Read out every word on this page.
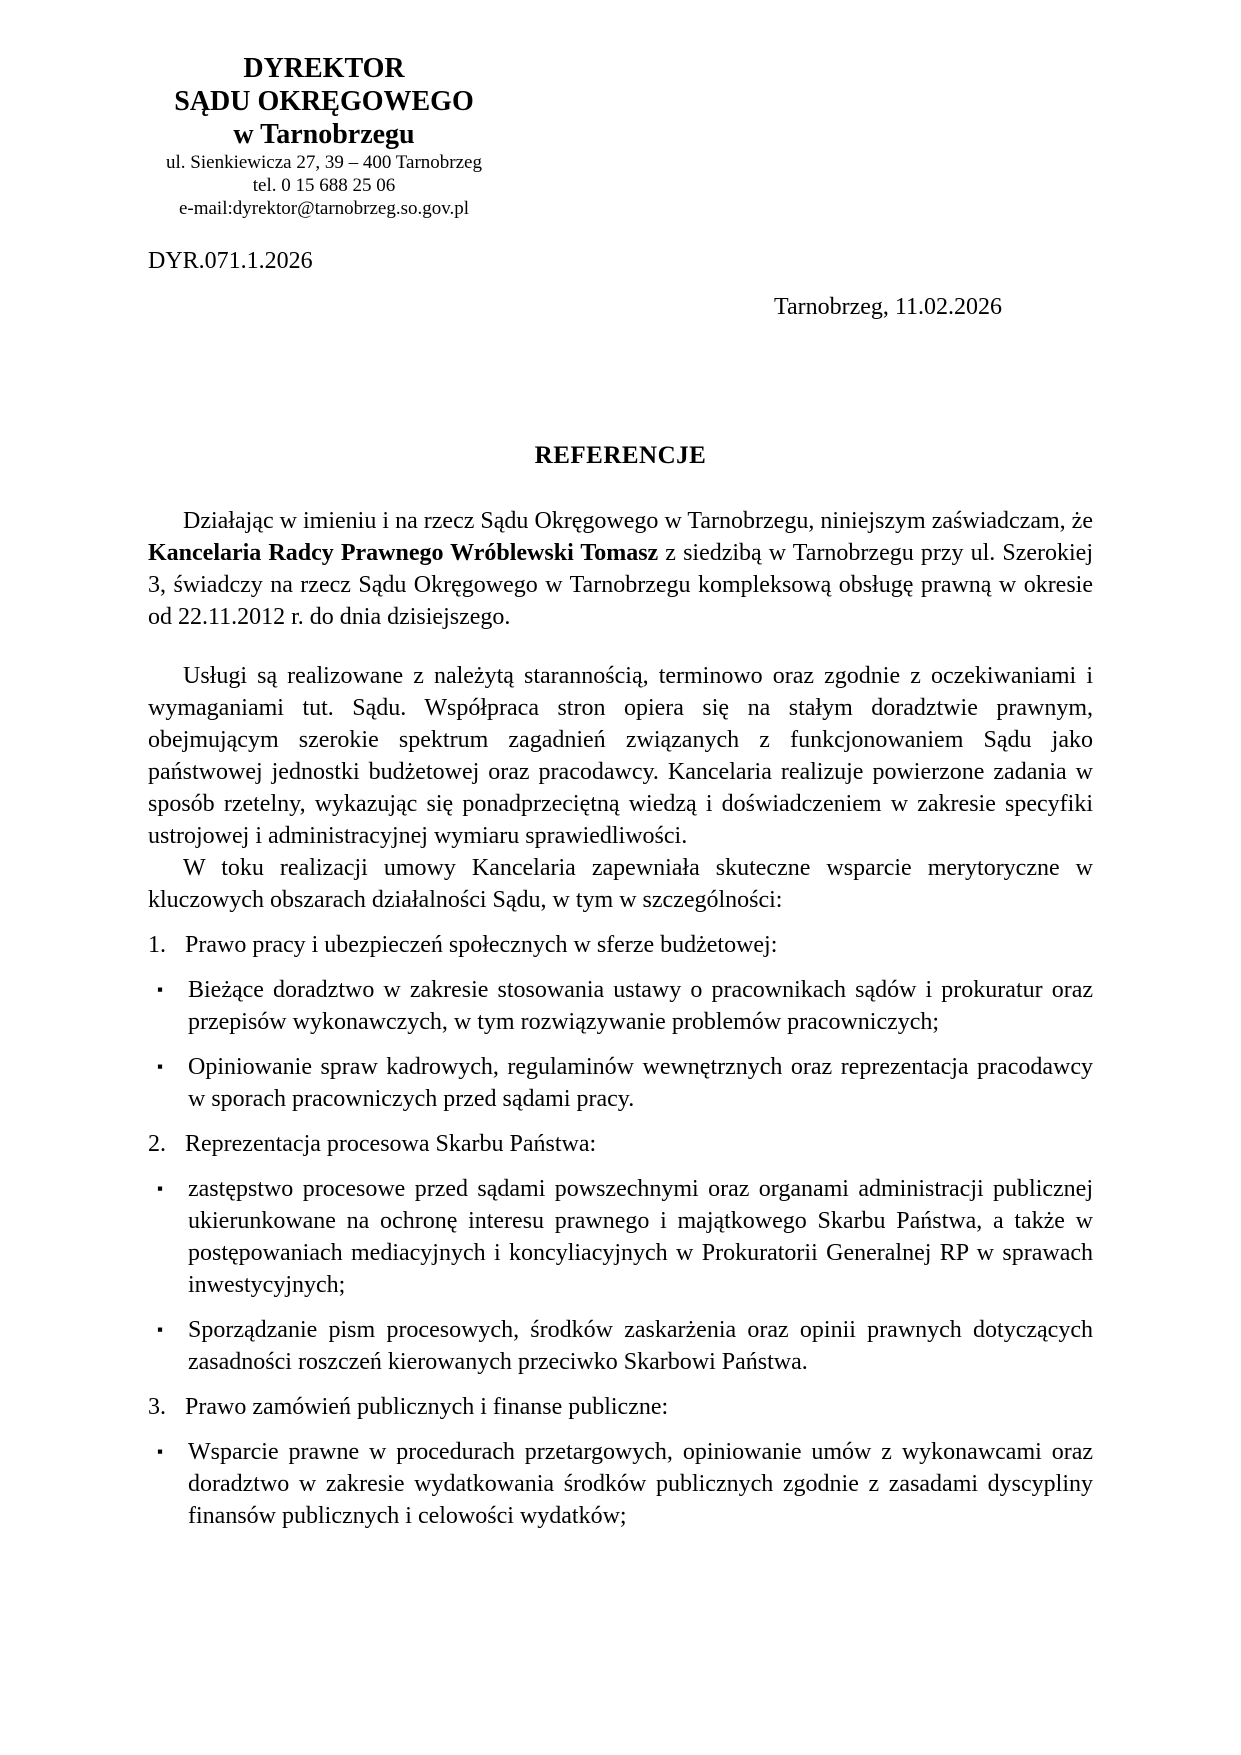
DYREKTOR
SĄDU OKRĘGOWEGO
w Tarnobrzegu
ul. Sienkiewicza 27, 39 – 400 Tarnobrzeg
tel. 0 15 688 25 06
e-mail:dyrektor@tarnobrzeg.so.gov.pl
DYR.071.1.2026
Tarnobrzeg, 11.02.2026
REFERENCJE

Działając w imieniu i na rzecz Sądu Okręgowego w Tarnobrzegu, niniejszym zaświadczam, że Kancelaria Radcy Prawnego Wróblewski Tomasz z siedzibą w Tarnobrzegu przy ul. Szerokiej 3, świadczy na rzecz Sądu Okręgowego w Tarnobrzegu kompleksową obsługę prawną w okresie od 22.11.2012 r. do dnia dzisiejszego.

Usługi są realizowane z należytą starannością, terminowo oraz zgodnie z oczekiwaniami i wymaganiami tut. Sądu. Współpraca stron opiera się na stałym doradztwie prawnym, obejmującym szerokie spektrum zagadnień związanych z funkcjonowaniem Sądu jako państwowej jednostki budżetowej oraz pracodawcy. Kancelaria realizuje powierzone zadania w sposób rzetelny, wykazując się ponadprzeciętną wiedzą i doświadczeniem w zakresie specyfiki ustrojowej i administracyjnej wymiaru sprawiedliwości.

W toku realizacji umowy Kancelaria zapewniała skuteczne wsparcie merytoryczne w kluczowych obszarach działalności Sądu, w tym w szczególności:

1. Prawo pracy i ubezpieczeń społecznych w sferze budżetowej:
▪	Bieżące doradztwo w zakresie stosowania ustawy o pracownikach sądów i prokuratur oraz przepisów wykonawczych, w tym rozwiązywanie problemów pracowniczych;
▪	Opiniowanie spraw kadrowych, regulaminów wewnętrznych oraz reprezentacja pracodawcy w sporach pracowniczych przed sądami pracy.
2. Reprezentacja procesowa Skarbu Państwa:
▪	zastępstwo procesowe przed sądami powszechnymi oraz organami administracji publicznej ukierunkowane na ochronę interesu prawnego i majątkowego Skarbu Państwa, a także w postępowaniach mediacyjnych i koncyliacyjnych w Prokuratorii Generalnej RP w sprawach inwestycyjnych;
▪	Sporządzanie pism procesowych, środków zaskarżenia oraz opinii prawnych dotyczących zasadności roszczeń kierowanych przeciwko Skarbowi Państwa.
3. Prawo zamówień publicznych i finanse publiczne:
▪	Wsparcie prawne w procedurach przetargowych, opiniowanie umów z wykonawcami oraz doradztwo w zakresie wydatkowania środków publicznych zgodnie z zasadami dyscypliny finansów publicznych i celowości wydatków;
